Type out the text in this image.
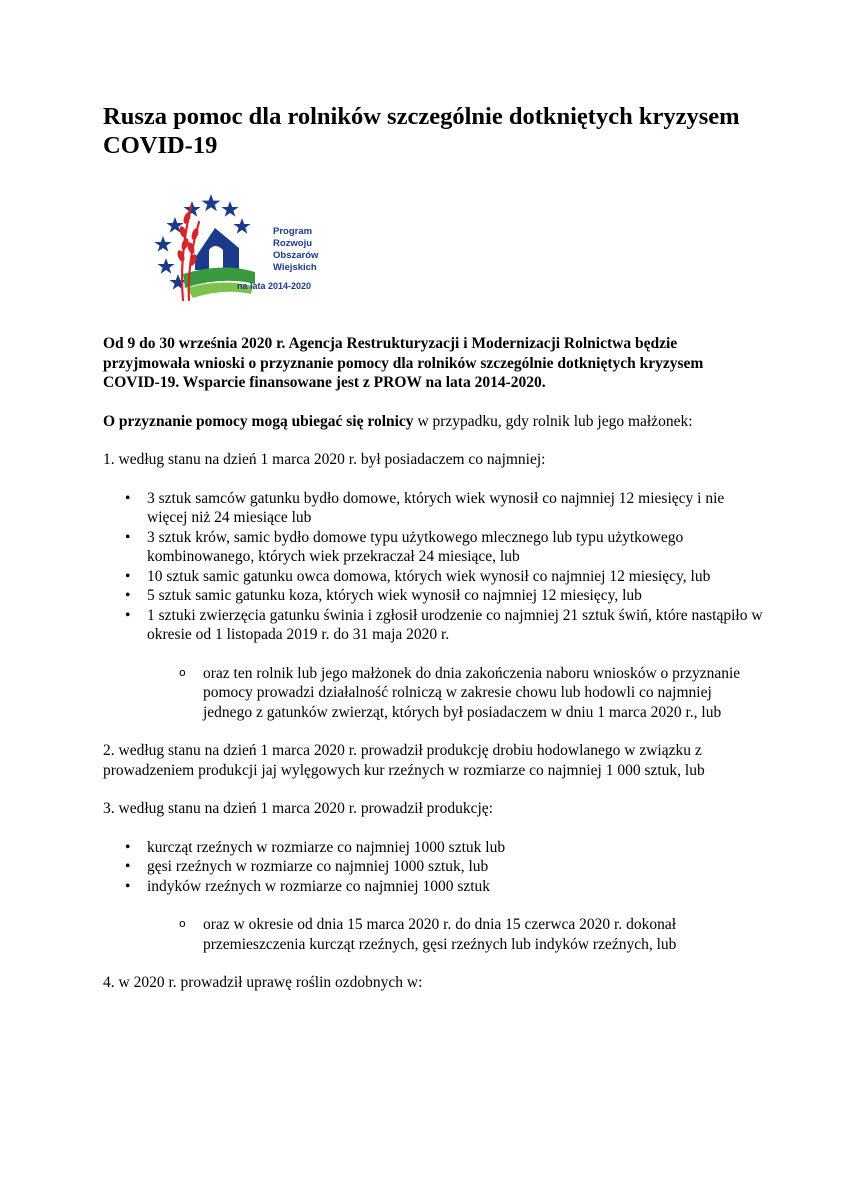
Rusza pomoc dla rolników szczególnie dotkniętych kryzysem COVID-19
Program
Rozwoju
Obszarów
Wiejskich
na lata 2014-2020

Od 9 do 30 września 2020 r. Agencja Restrukturyzacji i Modernizacji Rolnictwa będzie przyjmowała wnioski o przyznanie pomocy dla rolników szczególnie dotkniętych kryzysem COVID-19. Wsparcie finansowane jest z PROW na lata 2014-2020.

O przyznanie pomocy mogą ubiegać się rolnicy w przypadku, gdy rolnik lub jego małżonek:

1. według stanu na dzień 1 marca 2020 r. był posiadaczem co najmniej:

• 3 sztuk samców gatunku bydło domowe, których wiek wynosił co najmniej 12 miesięcy i nie więcej niż 24 miesiące lub
• 3 sztuk krów, samic bydło domowe typu użytkowego mlecznego lub typu użytkowego kombinowanego, których wiek przekraczał 24 miesiące, lub
• 10 sztuk samic gatunku owca domowa, których wiek wynosił co najmniej 12 miesięcy, lub
• 5 sztuk samic gatunku koza, których wiek wynosił co najmniej 12 miesięcy, lub
• 1 sztuki zwierzęcia gatunku świnia i zgłosił urodzenie co najmniej 21 sztuk świń, które nastąpiło w okresie od 1 listopada 2019 r. do 31 maja 2020 r.
o oraz ten rolnik lub jego małżonek do dnia zakończenia naboru wniosków o przyznanie pomocy prowadzi działalność rolniczą w zakresie chowu lub hodowli co najmniej jednego z gatunków zwierząt, których był posiadaczem w dniu 1 marca 2020 r., lub

2. według stanu na dzień 1 marca 2020 r. prowadził produkcję drobiu hodowlanego w związku z prowadzeniem produkcji jaj wylęgowych kur rzeźnych w rozmiarze co najmniej 1 000 sztuk, lub

3. według stanu na dzień 1 marca 2020 r. prowadził produkcję:

• kurcząt rzeźnych w rozmiarze co najmniej 1000 sztuk lub
• gęsi rzeźnych w rozmiarze co najmniej 1000 sztuk, lub
• indyków rzeźnych w rozmiarze co najmniej 1000 sztuk
o oraz w okresie od dnia 15 marca 2020 r. do dnia 15 czerwca 2020 r. dokonał przemieszczenia kurcząt rzeźnych, gęsi rzeźnych lub indyków rzeźnych, lub

4. w 2020 r. prowadził uprawę roślin ozdobnych w:
